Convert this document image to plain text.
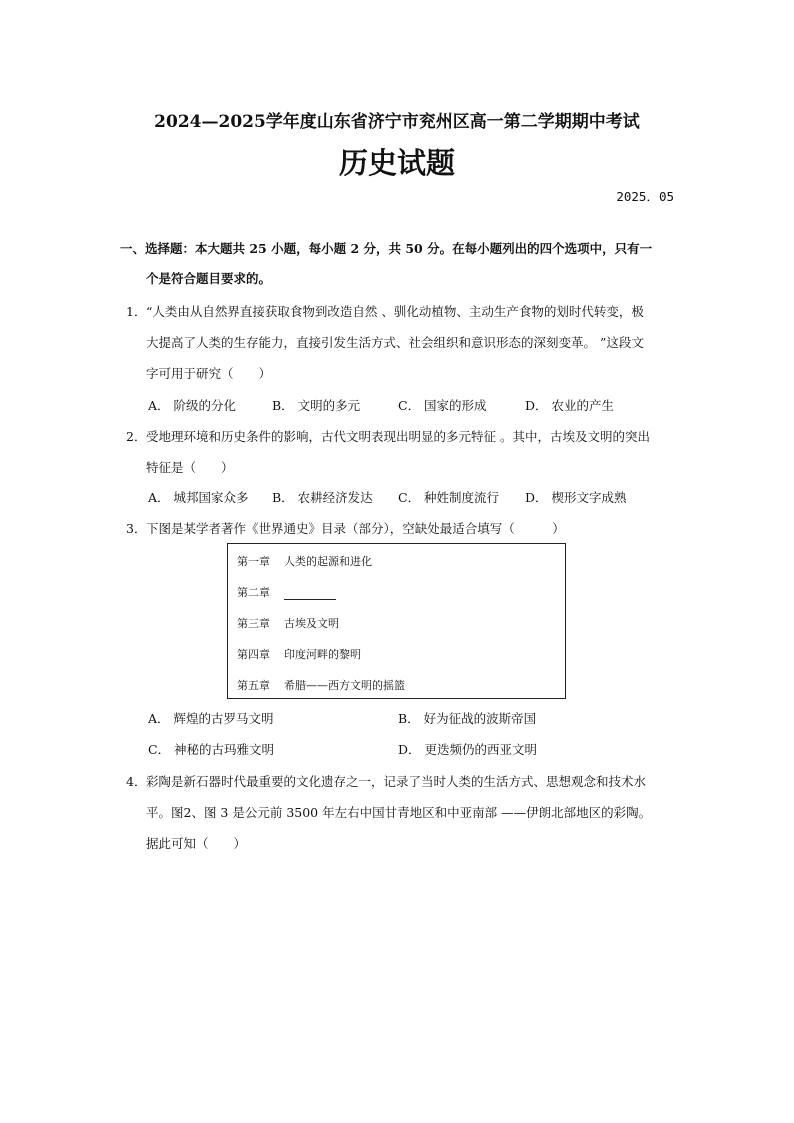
2024—2025学年度山东省济宁市兖州区高一第二学期期中考试
历史试题
2025．05
一、选择题：本大题共 25 小题，每小题 2 分，共 50 分。在每小题列出的四个选项中，只有一
个是符合题目要求的。
1． “人类由从自然界直接获取食物到改造自然 、驯化动植物、主动生产食物的划时代转变，极
大提高了人类的生存能力，直接引发生活方式、社会组织和意识形态的深刻变革。 ”这段文
字可用于研究（　　）
A． 阶级的分化	B． 文明的多元	C． 国家的形成	D． 农业的产生
2． 受地理环境和历史条件的影响，古代文明表现出明显的多元特征 。其中，古埃及文明的突出
特征是（　　）
A． 城邦国家众多 B． 农耕经济发达 C． 种姓制度流行 D． 楔形文字成熟
3． 下图是某学者著作《世界通史》目录（部分），空缺处最适合填写（　　　）
第一章 人类的起源和进化
第二章
第三章 古埃及文明
第四章 印度河畔的黎明
第五章 希腊——西方文明的摇篮
A． 辉煌的古罗马文明	B． 好为征战的波斯帝国
C． 神秘的古玛雅文明	D． 更迭频仍的西亚文明
4． 彩陶是新石器时代最重要的文化遗存之一，记录了当时人类的生活方式、思想观念和技术水
平。图2、图 3 是公元前 3500 年左右中国甘青地区和中亚南部 ——伊朗北部地区的彩陶。
据此可知（　　）
